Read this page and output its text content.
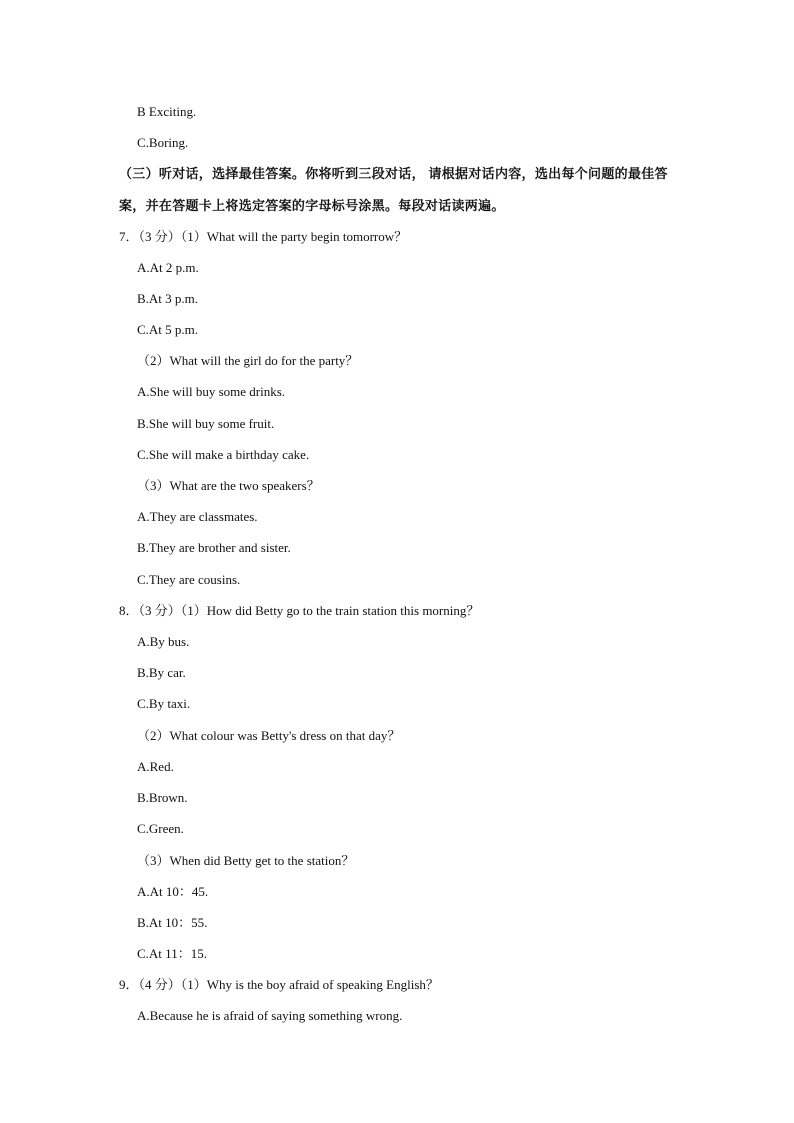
B Exciting.
C.Boring.
（三）听对话，选择最佳答案。你将听到三段对话， 请根据对话内容，选出每个问题的最佳答案，并在答题卡上将选定答案的字母标号涂黑。每段对话读两遍。
7．（3 分）（1）What will the party begin tomorrow？
A.At 2 p.m.
B.At 3 p.m.
C.At 5 p.m.
（2）What will the girl do for the party？
A.She will buy some drinks.
B.She will buy some fruit.
C.She will make a birthday cake.
（3）What are the two speakers？
A.They are classmates.
B.They are brother and sister.
C.They are cousins.
8．（3 分）（1）How did Betty go to the train station this morning？
A.By bus.
B.By car.
C.By taxi.
（2）What colour was Betty's dress on that day？
A.Red.
B.Brown.
C.Green.
（3）When did Betty get to the station？
A.At 10：45.
B.At 10：55.
C.At 11：15.
9．（4 分）（1）Why is the boy afraid of speaking English？
A.Because he is afraid of saying something wrong.
